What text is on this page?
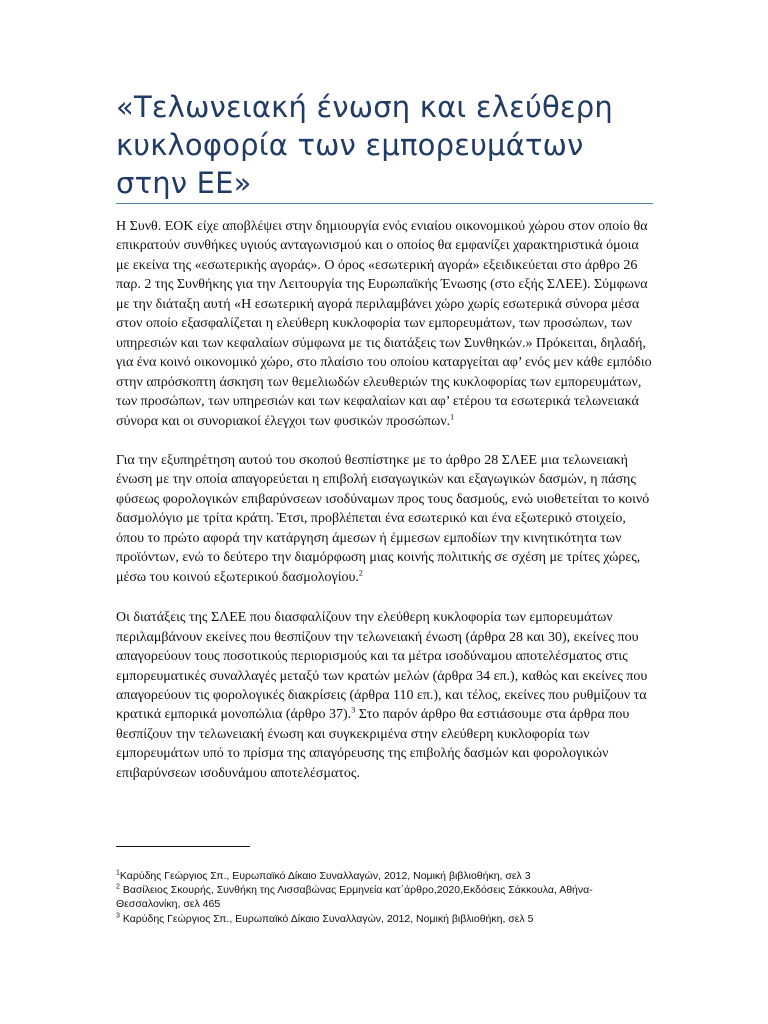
«Τελωνειακή ένωση και ελεύθερη κυκλοφορία των εμπορευμάτων στην ΕΕ»

Η Συνθ. ΕΟΚ είχε αποβλέψει στην δημιουργία ενός ενιαίου οικονομικού χώρου στον οποίο θα επικρατούν συνθήκες υγιούς ανταγωνισμού και ο οποίος θα εμφανίζει χαρακτηριστικά όμοια με εκείνα της «εσωτερικής αγοράς». Ο όρος «εσωτερική αγορά» εξειδικεύεται στο άρθρο 26 παρ. 2 της Συνθήκης για την Λειτουργία της Ευρωπαϊκής Ένωσης (στο εξής ΣΛΕΕ). Σύμφωνα με την διάταξη αυτή «Η εσωτερική αγορά περιλαμβάνει χώρο χωρίς εσωτερικά σύνορα μέσα στον οποίο εξασφαλίζεται η ελεύθερη κυκλοφορία των εμπορευμάτων, των προσώπων, των υπηρεσιών και των κεφαλαίων σύμφωνα με τις διατάξεις των Συνθηκών.» Πρόκειται, δηλαδή, για ένα κοινό οικονομικό χώρο, στο πλαίσιο του οποίου καταργείται αφ’ ενός μεν κάθε εμπόδιο στην απρόσκοπτη άσκηση των θεμελιωδών ελευθεριών της κυκλοφορίας των εμπορευμάτων, των προσώπων, των υπηρεσιών και των κεφαλαίων και αφ’ ετέρου τα εσωτερικά τελωνειακά σύνορα και οι συνοριακοί έλεγχοι των φυσικών προσώπων.$^1$

Για την εξυπηρέτηση αυτού του σκοπού θεσπίστηκε με το άρθρο 28 ΣΛΕΕ μια τελωνειακή ένωση με την οποία απαγορεύεται η επιβολή εισαγωγικών και εξαγωγικών δασμών, η πάσης φύσεως φορολογικών επιβαρύνσεων ισοδύναμων προς τους δασμούς, ενώ υιοθετείται το κοινό δασμολόγιο με τρίτα κράτη. Έτσι, προβλέπεται ένα εσωτερικό και ένα εξωτερικό στοιχείο, όπου το πρώτο αφορά την κατάργηση άμεσων ή έμμεσων εμποδίων την κινητικότητα των προϊόντων, ενώ το δεύτερο την διαμόρφωση μιας κοινής πολιτικής σε σχέση με τρίτες χώρες, μέσω του κοινού εξωτερικού δασμολογίου.$^2$

Οι διατάξεις της ΣΛΕΕ που διασφαλίζουν την ελεύθερη κυκλοφορία των εμπορευμάτων περιλαμβάνουν εκείνες που θεσπίζουν την τελωνειακή ένωση (άρθρα 28 και 30), εκείνες που απαγορεύουν τους ποσοτικούς περιορισμούς και τα μέτρα ισοδύναμου αποτελέσματος στις εμπορευματικές συναλλαγές μεταξύ των κρατών μελών (άρθρα 34 επ.), καθώς και εκείνες που απαγορεύουν τις φορολογικές διακρίσεις (άρθρα 110 επ.), και τέλος, εκείνες που ρυθμίζουν τα κρατικά εμπορικά μονοπώλια (άρθρο 37).$^3$ Στο παρόν άρθρο θα εστιάσουμε στα άρθρα που θεσπίζουν την τελωνειακή ένωση και συγκεκριμένα στην ελεύθερη κυκλοφορία των εμπορευμάτων υπό το πρίσμα της απαγόρευσης της επιβολής δασμών και φορολογικών επιβαρύνσεων ισοδυνάμου αποτελέσματος.

$^1$Καρύδης Γεώργιος Σπ., Ευρωπαϊκό Δίκαιο Συναλλαγών, 2012, Νομική βιβλιοθήκη, σελ 3

$^2$ Βασίλειος Σκουρής, Συνθήκη της Λισσαβώνας Ερμηνεία κατ΄άρθρο,2020,Εκδόσεις Σάκκουλα, Αθήνα-Θεσσαλονίκη, σελ 465

$^3$ Καρύδης Γεώργιος Σπ., Ευρωπαϊκό Δίκαιο Συναλλαγών, 2012, Νομική βιβλιοθήκη, σελ 5
